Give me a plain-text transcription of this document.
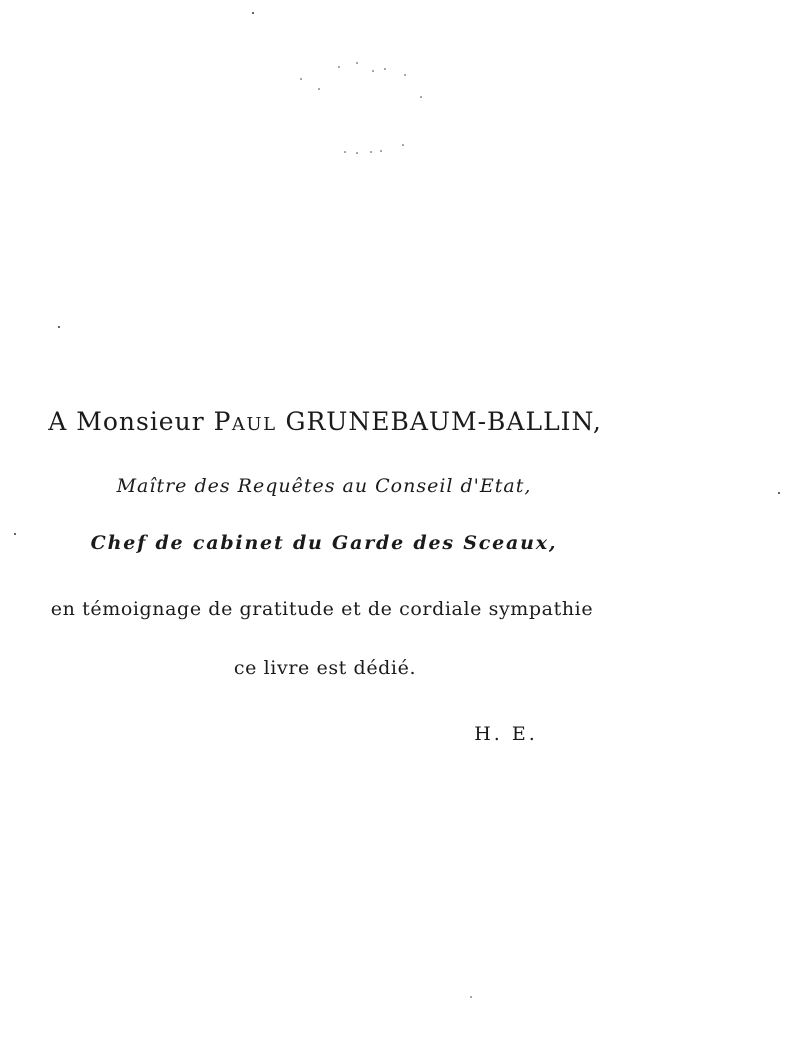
A Monsieur Paul GRUNEBAUM-BALLIN,
Maître des Requêtes au Conseil d'Etat,
Chef de cabinet du Garde des Sceaux,
en témoignage de gratitude et de cordiale sympathie
ce livre est dédié.
H. E.
